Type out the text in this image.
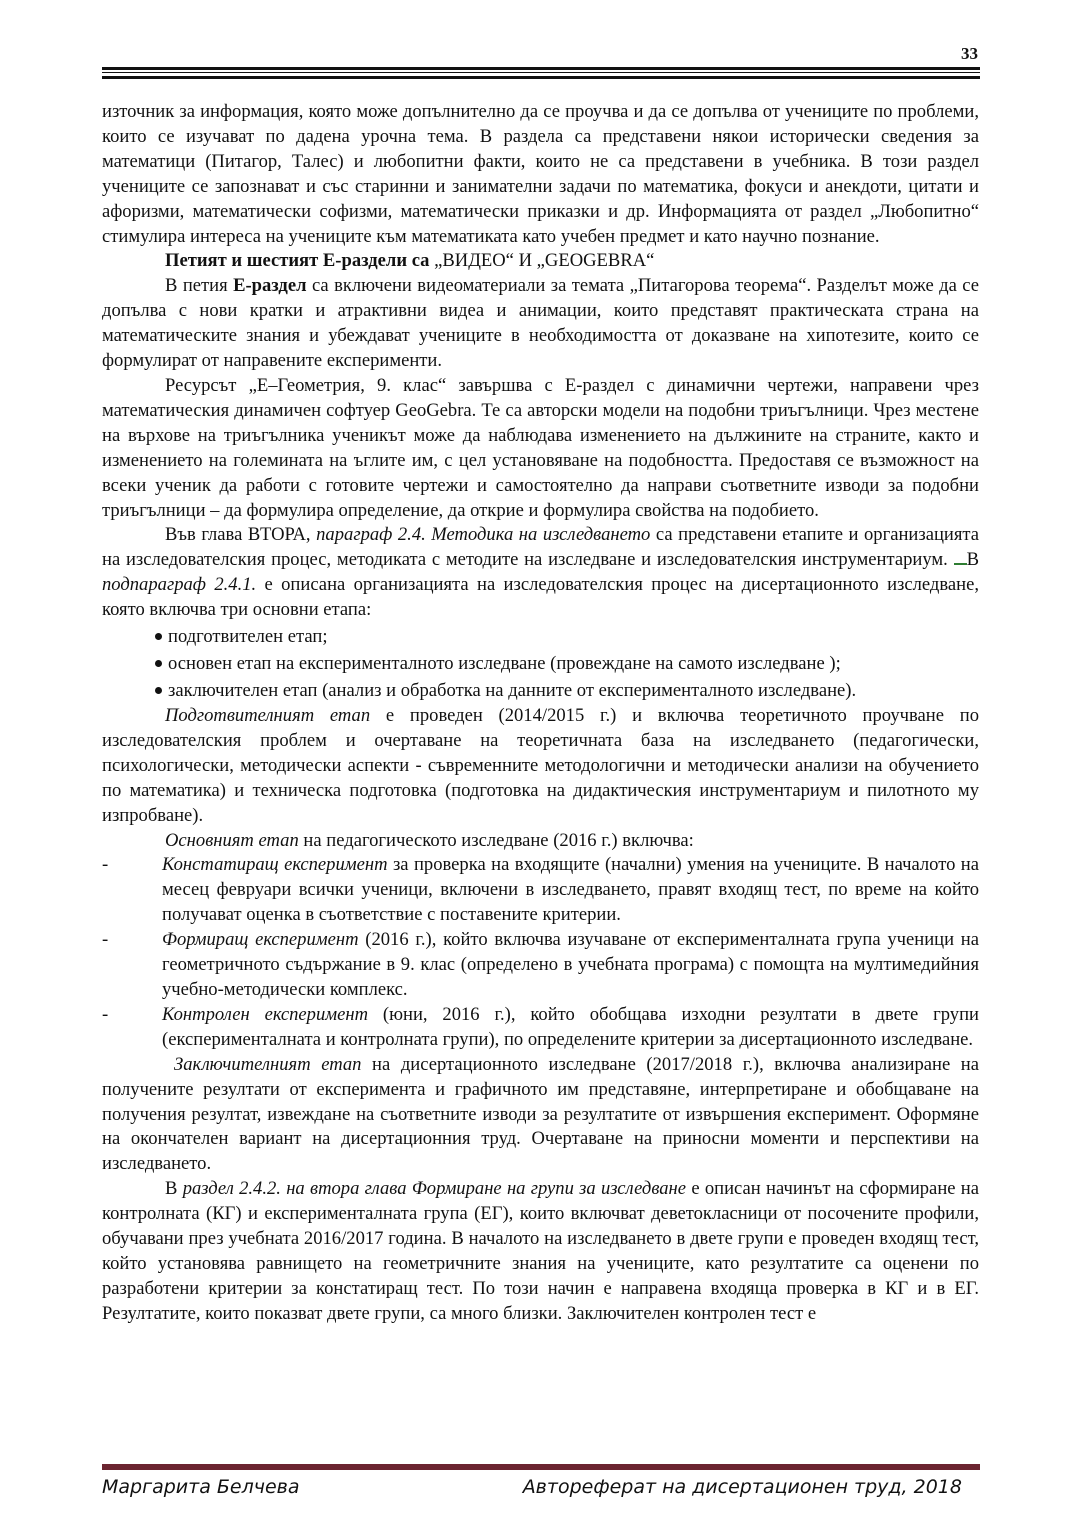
33

източник за информация, която може допълнително да се проучва и да се допълва от учениците по проблеми, които се изучават по дадена урочна тема. В раздела са представени някои исторически сведения за математици (Питагор, Талес) и любопитни факти, които не са представени в учебника. В този раздел учениците се запознават и със старинни и занимателни задачи по математика, фокуси и анекдоти, цитати и афоризми, математически софизми, математически приказки и др. Информацията от раздел „Любопитно“ стимулира интереса на учениците към математиката като учебен предмет и като научно познание.

Петият и шестият Е-раздели са „ВИДЕО“ И „GEOGEBRA“

В петия Е-раздел са включени видеоматериали за темата „Питагорова теорема“. Разделът може да се допълва с нови кратки и атрактивни видеа и анимации, които представят практическата страна на математическите знания и убеждават учениците в необходимостта от доказване на хипотезите, които се формулират от направените експерименти.

Ресурсът „Е–Геометрия, 9. клас“ завършва с Е-раздел с динамични чертежи, направени чрез математическия динамичен софтуер GeoGebra. Те са авторски модели на подобни триъгълници. Чрез местене на върхове на триъгълника ученикът може да наблюдава изменението на дължините на страните, както и изменението на големината на ъглите им, с цел установяване на подобността. Предоставя се възможност на всеки ученик да работи с готовите чертежи и самостоятелно да направи съответните изводи за подобни триъгълници – да формулира определение, да открие и формулира свойства на подобието.

Във глава ВТОРА, параграф 2.4. Методика на изследването са представени етапите и организацията на изследователския процес, методиката с методите на изследване и изследователския инструментариум. В подпараграф 2.4.1. е описана организацията на изследователския процес на дисертационното изследване, която включва три основни етапа:

подготвителен етап;
основен етап на експерименталното изследване (провеждане на самото изследване );
заключителен етап (анализ и обработка на данните от експерименталното изследване).

Подготвителният етап е проведен (2014/2015 г.) и включва теоретичното проучване по изследователския проблем и очертаване на теоретичната база на изследването (педагогически, психологически, методически аспекти - съвременните методологични и методически анализи на обучението по математика) и техническа подготовка (подготовка на дидактическия инструментариум и пилотното му изпробване).

Основният етап на педагогическото изследване (2016 г.) включва:

-	Констатиращ експеримент за проверка на входящите (начални) умения на учениците. В началото на месец февруари всички ученици, включени в изследването, правят входящ тест, по време на който получават оценка в съответствие с поставените критерии.

-	Формиращ експеримент (2016 г.), който включва изучаване от експерименталната група ученици на геометричното съдържание в 9. клас (определено в учебната програма) с помощта на мултимедийния учебно-методически комплекс.

-	Контролен експеримент (юни, 2016 г.), който обобщава изходни резултати в двете групи (експерименталната и контролната групи), по определените критерии за дисертационното изследване.

Заключителният етап на дисертационното изследване (2017/2018 г.), включва анализиране на получените резултати от експеримента и графичното им представяне, интерпретиране и обобщаване на получения резултат, извеждане на съответните изводи за резултатите от извършения експеримент. Оформяне на окончателен вариант на дисертационния труд. Очертаване на приносни моменти и перспективи на изследването.

В раздел 2.4.2. на втора глава Формиране на групи за изследване е описан начинът на сформиране на контролната (КГ) и експерименталната група (ЕГ), които включват деветокласници от посочените профили, обучавани през учебната 2016/2017 година. В началото на изследването в двете групи е проведен входящ тест, който установява равнището на геометричните знания на учениците, като резултатите са оценени по разработени критерии за констатиращ тест. По този начин е направена входяща проверка в КГ и в ЕГ. Резултатите, които показват двете групи, са много близки. Заключителен контролен тест е

Маргарита Белчева	Автореферат на дисертационен труд, 2018
